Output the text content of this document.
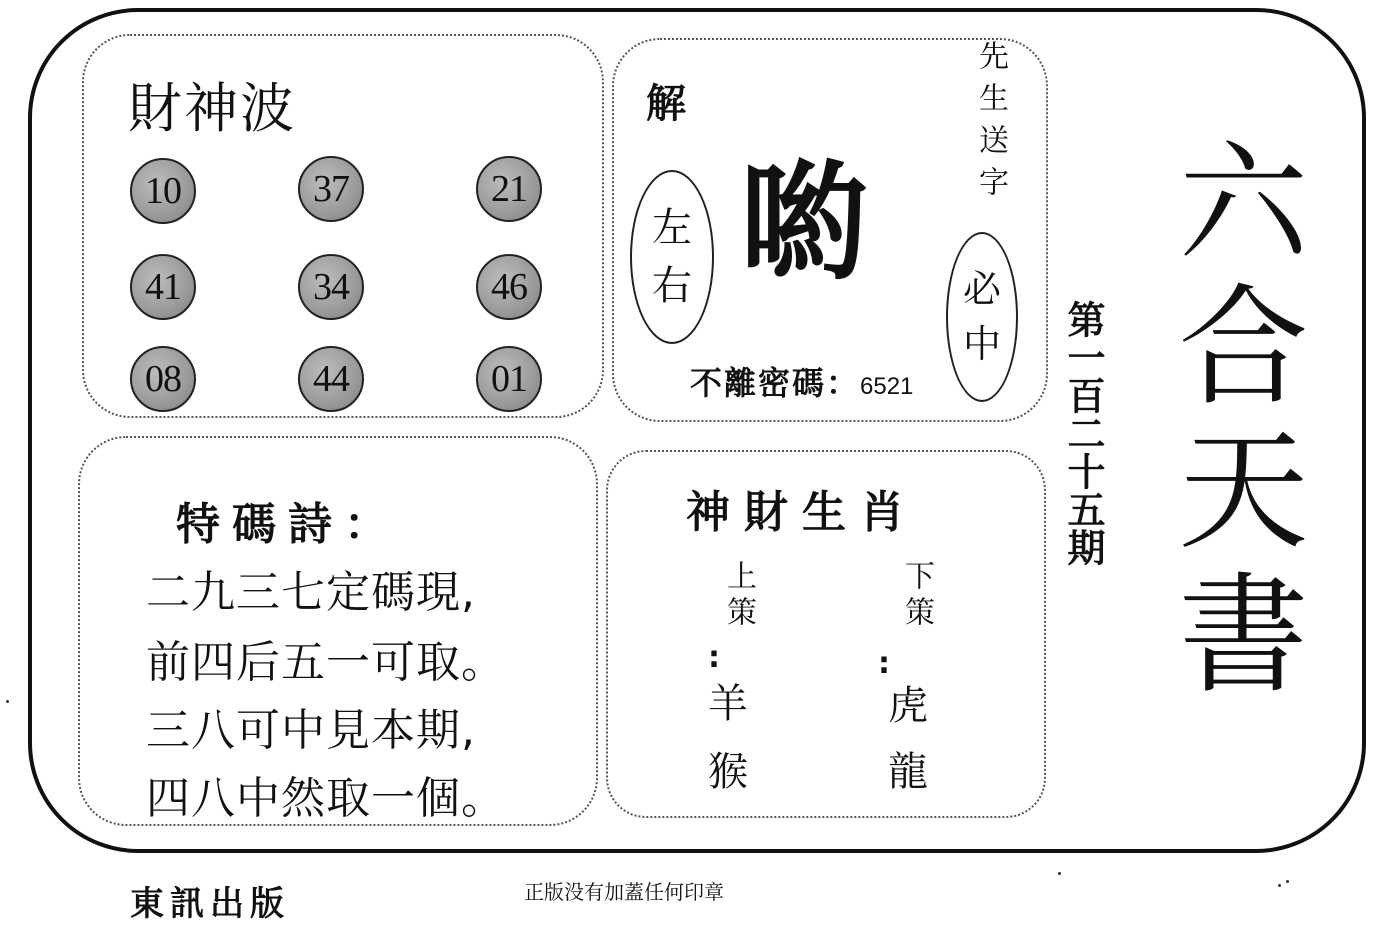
財神波
10	37	21
41	34	46
08	44	01
解
左
右 喲
先生送字
必
中
不離密碼：6521
特碼詩：
二九三七定碼現,
前四后五一可取。
三八可中見本期,
四八中然取一個。
神財生肖
上策
:
羊
猴
下策
:
虎
龍
第一百二十五期 六合天書
東訊出版	正版没有加蓋任何印章
